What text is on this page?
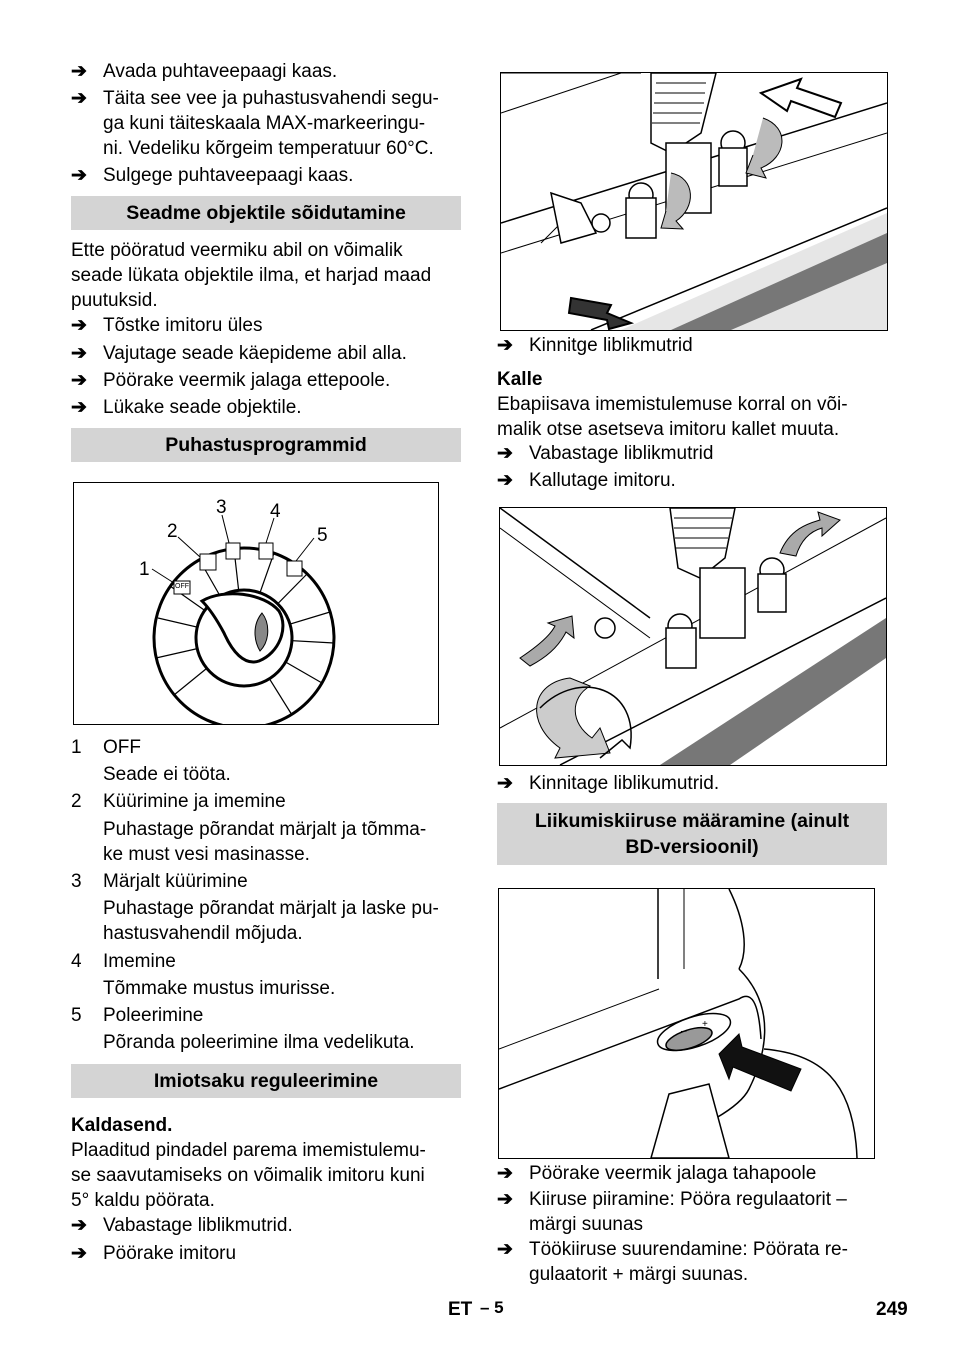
➔ Avada puhtaveepaagi kaas.
➔ Täita see vee ja puhastusvahendi segu-
ga kuni täiteskaala MAX-markeeringu-
ni. Vedeliku kõrgeim temperatuur 60°C.
➔ Sulgege puhtaveepaagi kaas.
Seadme objektile sõidutamine
Ette pööratud veermiku abil on võimalik
seade lükata objektile ilma, et harjad maad
puutuksid.
➔ Tõstke imitoru üles
➔ Vajutage seade käepideme abil alla.
➔ Pöörake veermik jalaga ettepoole.
➔ Lükake seade objektile.
Puhastusprogrammid
1
2
3 4
5
OFF
1 OFF
Seade ei tööta.
2 Küürimine ja imemine
Puhastage põrandat märjalt ja tõmma-
ke must vesi masinasse.
3 Märjalt küürimine
Puhastage põrandat märjalt ja laske pu-
hastusvahendil mõjuda.
4 Imemine
Tõmmake mustus imurisse.
5 Poleerimine
Põranda poleerimine ilma vedelikuta.
Imiotsaku reguleerimine
Kaldasend.
Plaaditud pindadel parema imemistulemu-
se saavutamiseks on võimalik imitoru kuni
5° kaldu pöörata.
➔ Vabastage liblikmutrid.
➔ Pöörake imitoru
➔ Kinnitge liblikmutrid
Kalle
Ebapiisava imemistulemuse korral on või-
malik otse asetseva imitoru kallet muuta.
➔ Vabastage liblikmutrid
➔ Kallutage imitoru.
➔ Kinnitage liblikumutrid.
Liikumiskiiruse määramine (ainult
BD-versioonil)
–
+
➔ Pöörake veermik jalaga tahapoole
➔ Kiiruse piiramine: Pööra regulaatorit –
märgi suunas
➔ Töökiiruse suurendamine: Pöörata re-
gulaatorit + märgi suunas.
ET – 5	249
